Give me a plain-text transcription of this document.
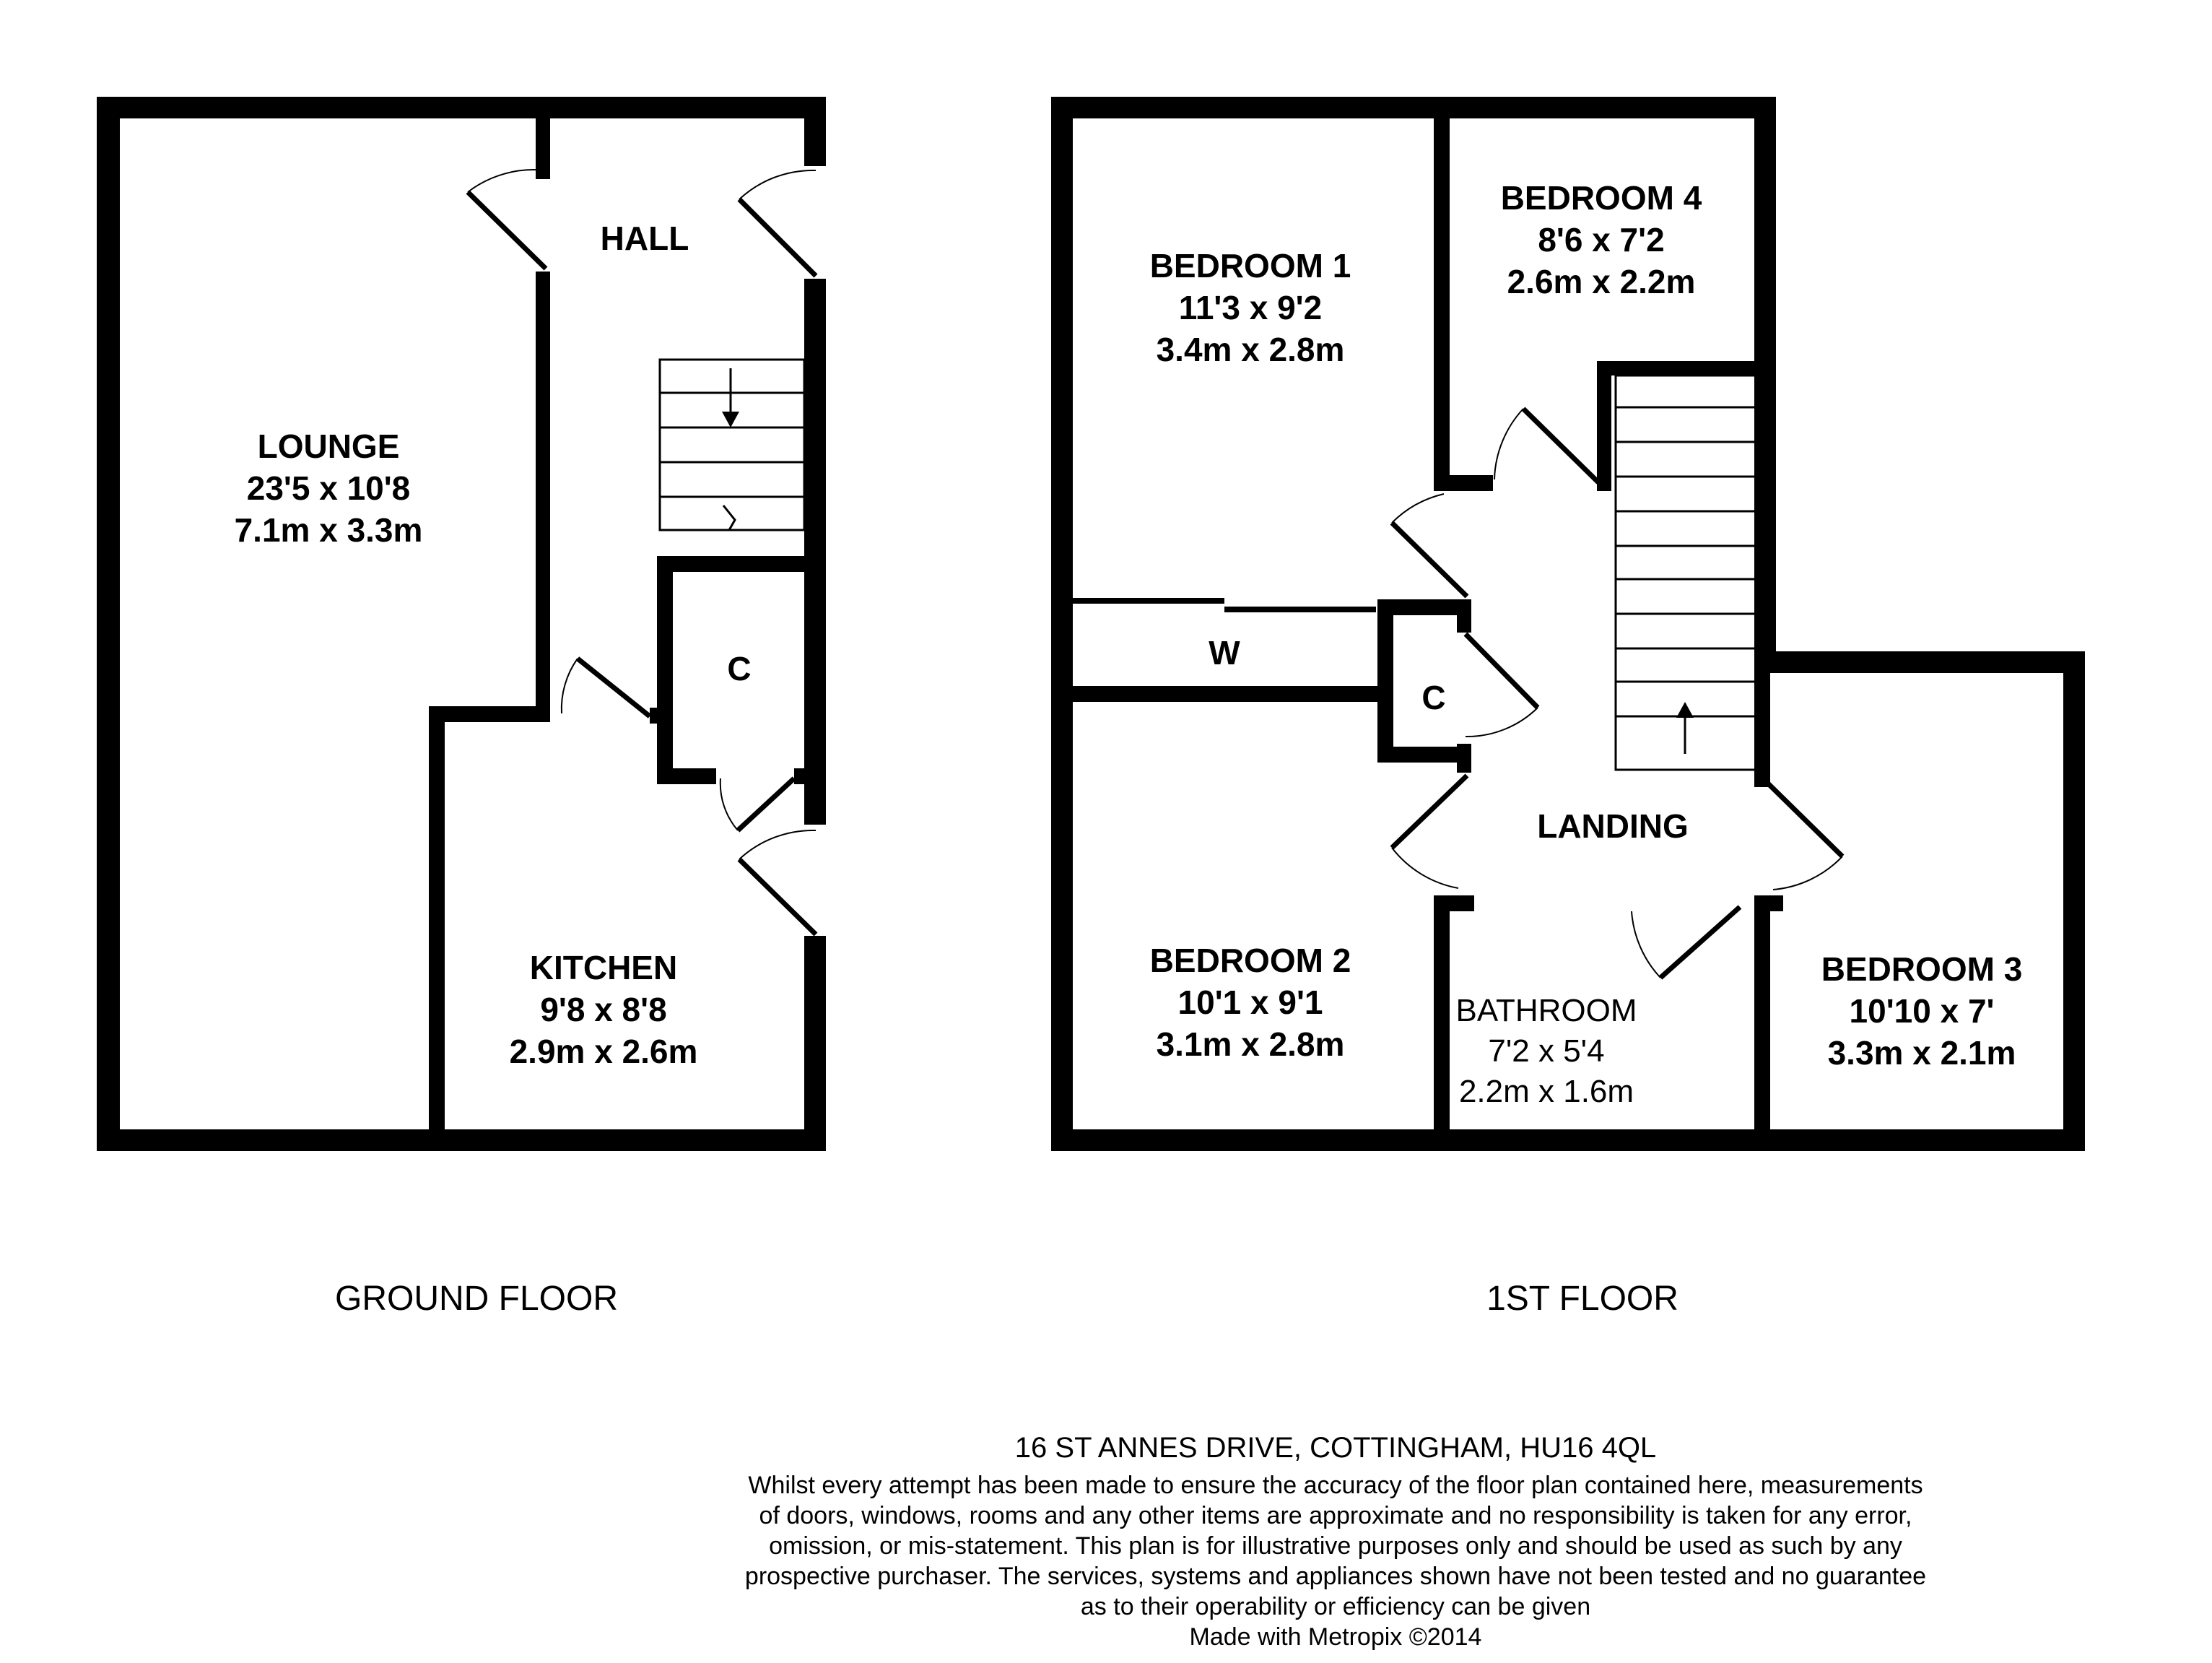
LOUNGE
23'5 x 10'8
7.1m x 3.3m
HALL
C
KITCHEN
9'8 x 8'8
2.9m x 2.6m
GROUND FLOOR
BEDROOM 1
11'3 x 9'2
3.4m x 2.8m
BEDROOM 4
8'6 x 7'2
2.6m x 2.2m
W
C
LANDING
BEDROOM 2
10'1 x 9'1
3.1m x 2.8m
BATHROOM
7'2 x 5'4
2.2m x 1.6m
BEDROOM 3
10'10 x 7'
3.3m x 2.1m
1ST FLOOR
16 ST ANNES DRIVE, COTTINGHAM, HU16 4QL
Whilst every attempt has been made to ensure the accuracy of the floor plan contained here, measurements
of doors, windows, rooms and any other items are approximate and no responsibility is taken for any error,
omission, or mis-statement. This plan is for illustrative purposes only and should be used as such by any
prospective purchaser. The services, systems and appliances shown have not been tested and no guarantee
as to their operability or efficiency can be given
Made with Metropix ©2014
